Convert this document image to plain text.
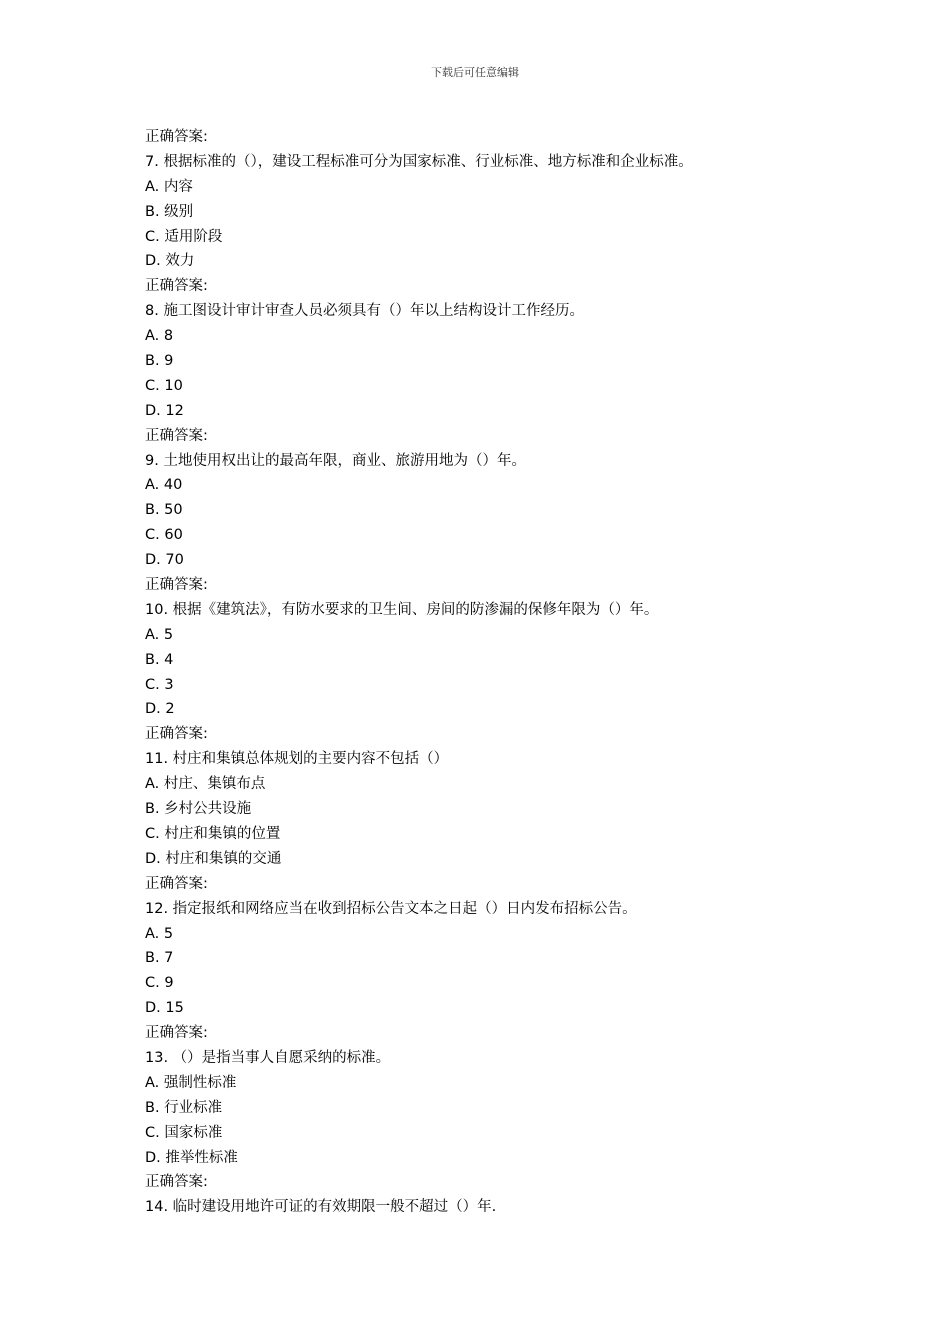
下载后可任意编辑
正确答案:
7. 根据标准的（），建设工程标准可分为国家标准、行业标准、地方标准和企业标准。
A. 内容
B. 级别
C. 适用阶段
D. 效力
正确答案:
8. 施工图设计审计审查人员必须具有（）年以上结构设计工作经历。
A. 8
B. 9
C. 10
D. 12
正确答案:
9. 土地使用权出让的最高年限，商业、旅游用地为（）年。
A. 40
B. 50
C. 60
D. 70
正确答案:
10. 根据《建筑法》，有防水要求的卫生间、房间的防渗漏的保修年限为（）年。
A. 5
B. 4
C. 3
D. 2
正确答案:
11. 村庄和集镇总体规划的主要内容不包括（）
A. 村庄、集镇布点
B. 乡村公共设施
C. 村庄和集镇的位置
D. 村庄和集镇的交通
正确答案:
12. 指定报纸和网络应当在收到招标公告文本之日起（）日内发布招标公告。
A. 5
B. 7
C. 9
D. 15
正确答案:
13. （）是指当事人自愿采纳的标准。
A. 强制性标准
B. 行业标准
C. 国家标准
D. 推举性标准
正确答案:
14. 临时建设用地许可证的有效期限一般不超过（）年.
